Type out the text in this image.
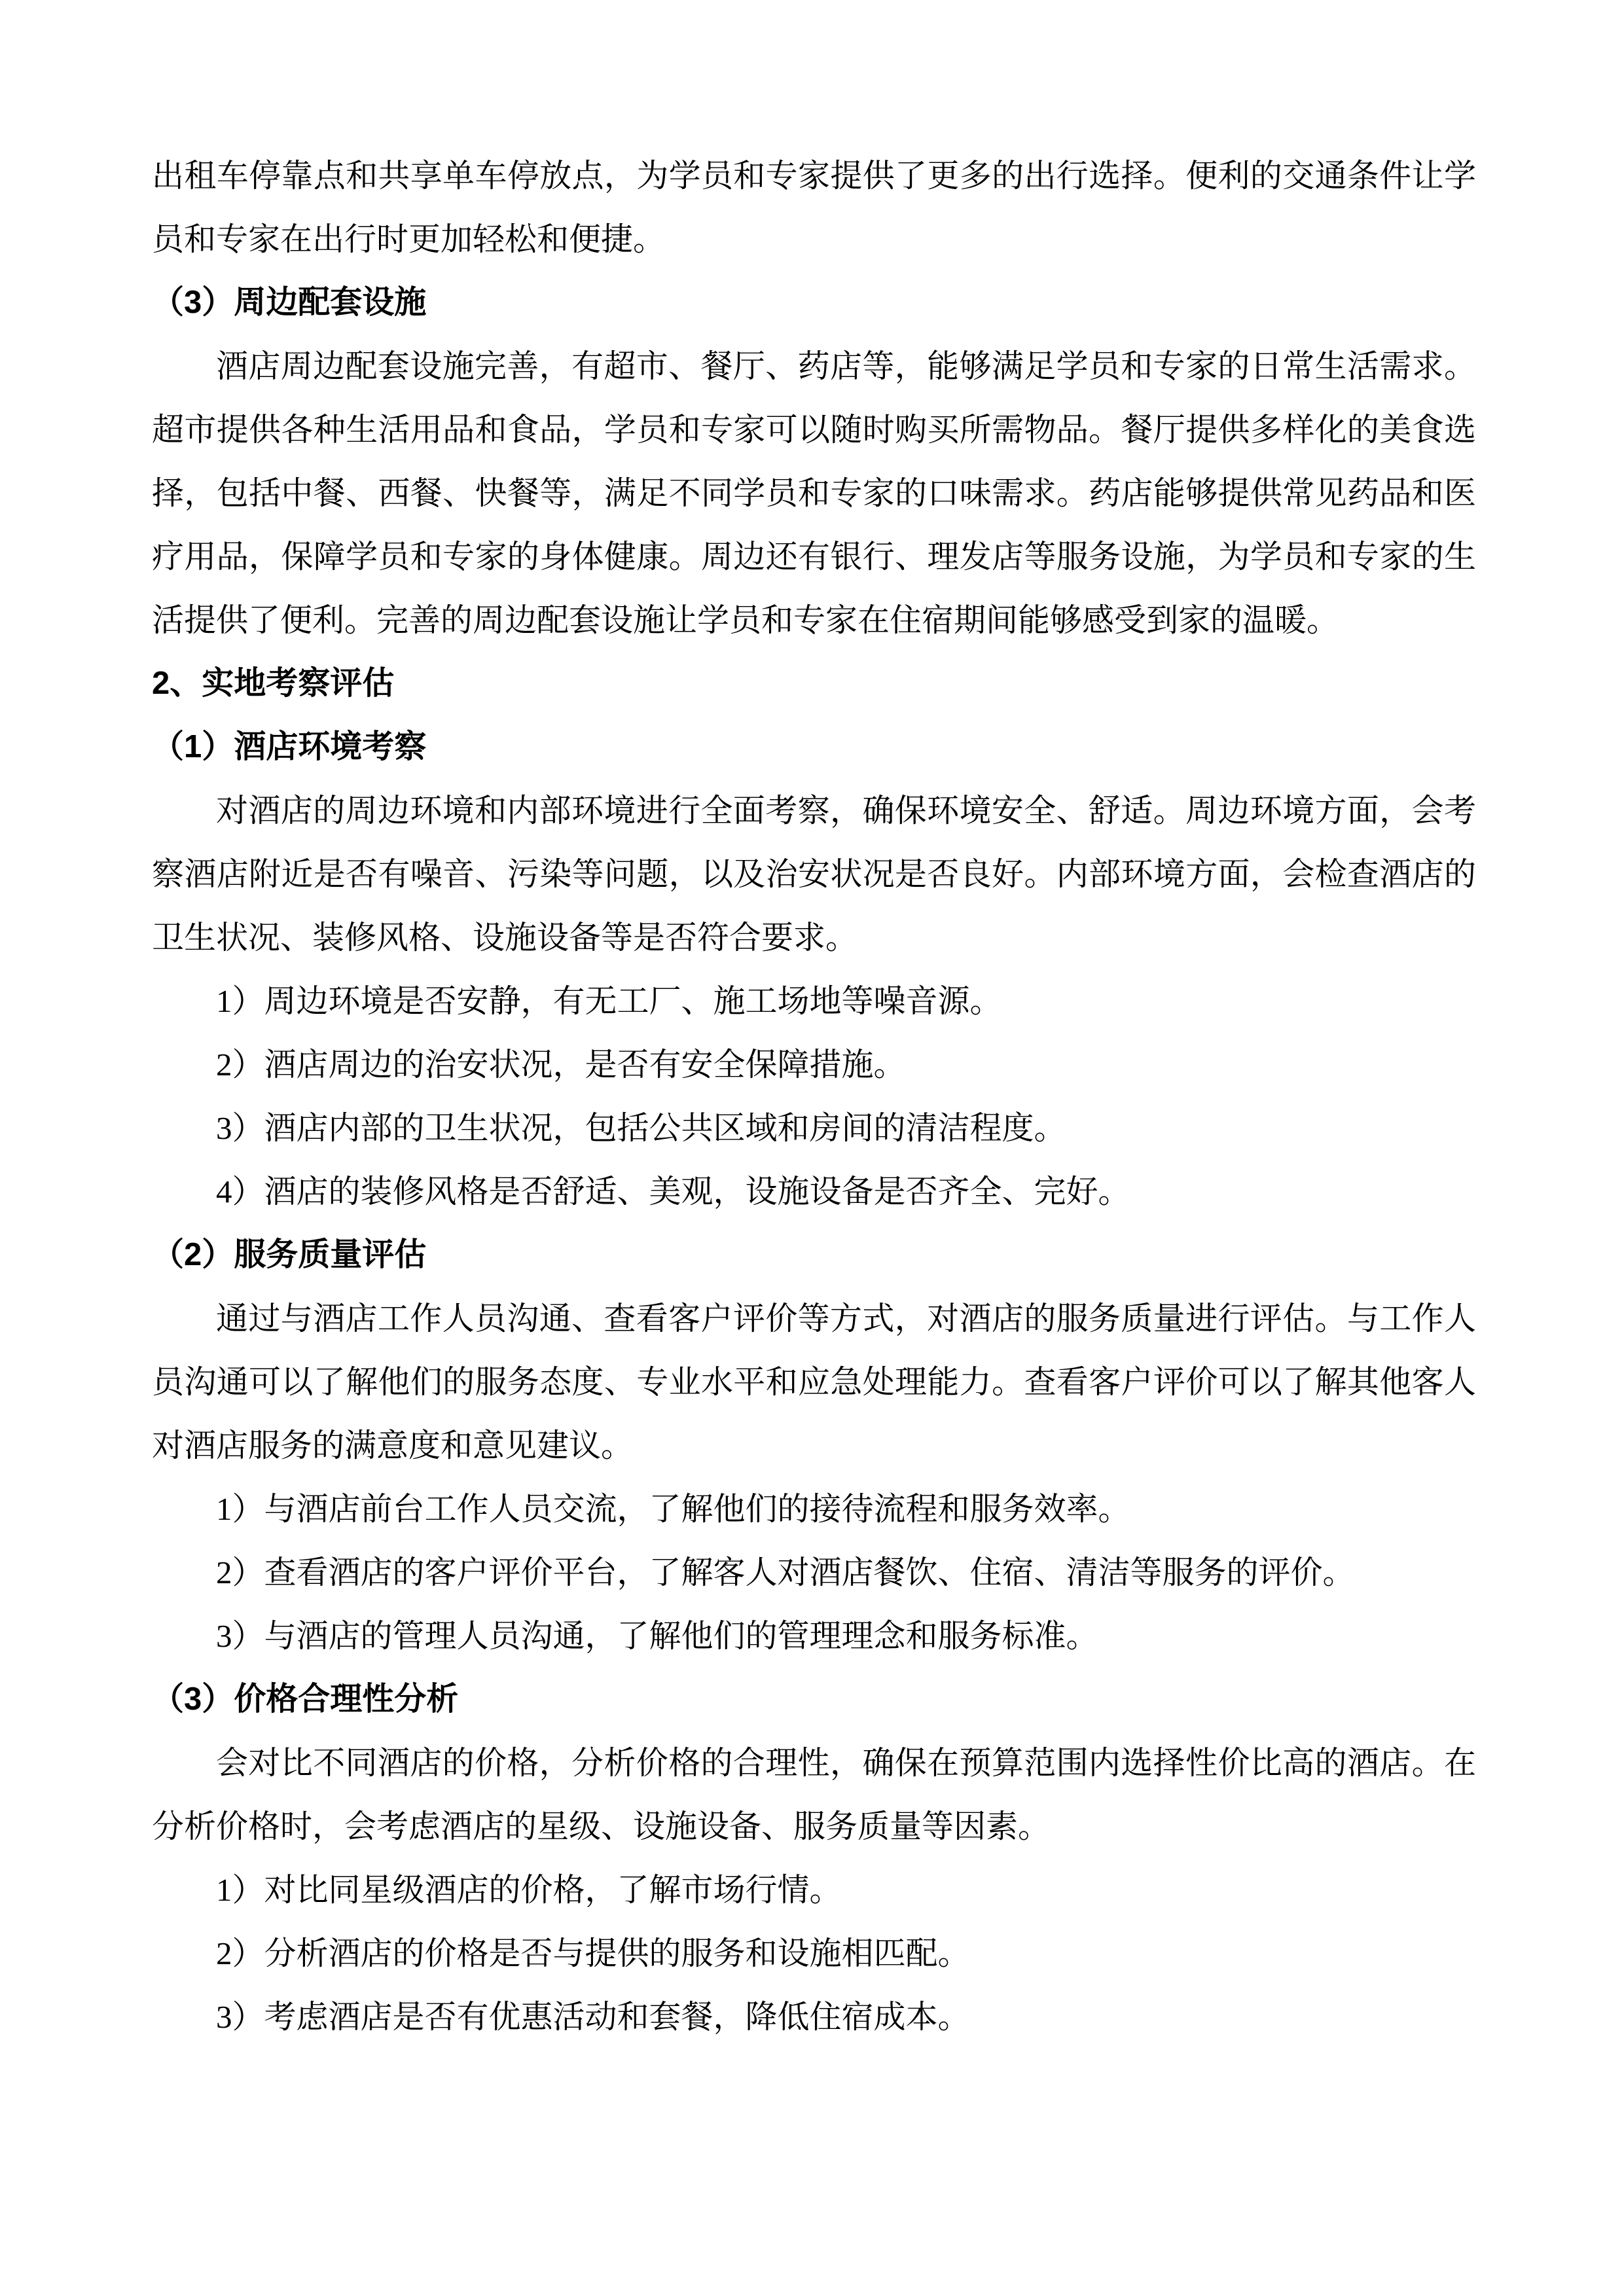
出租车停靠点和共享单车停放点，为学员和专家提供了更多的出行选择。便利的交通条件让学员和专家在出行时更加轻松和便捷。

（3）周边配套设施

酒店周边配套设施完善，有超市、餐厅、药店等，能够满足学员和专家的日常生活需求。超市提供各种生活用品和食品，学员和专家可以随时购买所需物品。餐厅提供多样化的美食选择，包括中餐、西餐、快餐等，满足不同学员和专家的口味需求。药店能够提供常见药品和医疗用品，保障学员和专家的身体健康。周边还有银行、理发店等服务设施，为学员和专家的生活提供了便利。完善的周边配套设施让学员和专家在住宿期间能够感受到家的温暖。

2、实地考察评估

（1）酒店环境考察

对酒店的周边环境和内部环境进行全面考察，确保环境安全、舒适。周边环境方面，会考察酒店附近是否有噪音、污染等问题，以及治安状况是否良好。内部环境方面，会检查酒店的卫生状况、装修风格、设施设备等是否符合要求。

1）周边环境是否安静，有无工厂、施工场地等噪音源。

2）酒店周边的治安状况，是否有安全保障措施。

3）酒店内部的卫生状况，包括公共区域和房间的清洁程度。

4）酒店的装修风格是否舒适、美观，设施设备是否齐全、完好。

（2）服务质量评估

通过与酒店工作人员沟通、查看客户评价等方式，对酒店的服务质量进行评估。与工作人员沟通可以了解他们的服务态度、专业水平和应急处理能力。查看客户评价可以了解其他客人对酒店服务的满意度和意见建议。

1）与酒店前台工作人员交流，了解他们的接待流程和服务效率。

2）查看酒店的客户评价平台，了解客人对酒店餐饮、住宿、清洁等服务的评价。

3）与酒店的管理人员沟通，了解他们的管理理念和服务标准。

（3）价格合理性分析

会对比不同酒店的价格，分析价格的合理性，确保在预算范围内选择性价比高的酒店。在分析价格时，会考虑酒店的星级、设施设备、服务质量等因素。

1）对比同星级酒店的价格，了解市场行情。

2）分析酒店的价格是否与提供的服务和设施相匹配。

3）考虑酒店是否有优惠活动和套餐，降低住宿成本。
